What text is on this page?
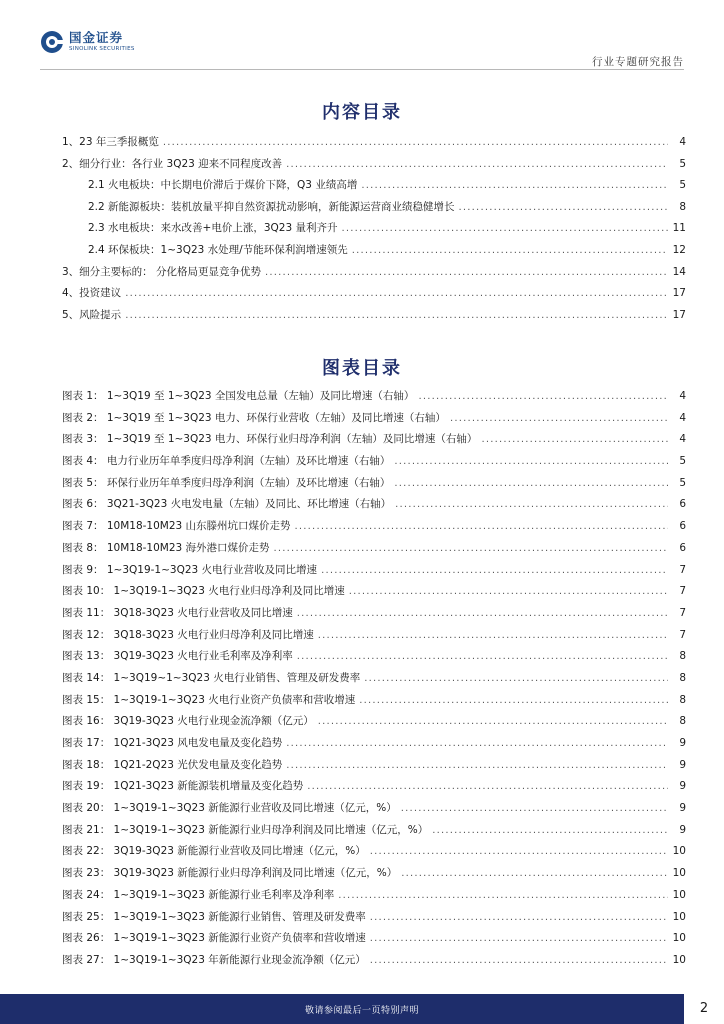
国金证券
SINOLINK SECURITIES
行业专题研究报告
内容目录
1、23 年三季报概览 .....	4
2、细分行业：各行业 3Q23 迎来不同程度改善 .....	5
2.1 火电板块：中长期电价滞后于煤价下降，Q3 业绩高增 .....	5
2.2 新能源板块：装机放量平抑自然资源扰动影响，新能源运营商业绩稳健增长 .....	8
2.3 水电板块：来水改善+电价上涨，3Q23 量利齐升 .....	11
2.4 环保板块：1~3Q23 水处理/节能环保利润增速领先 .....	12
3、细分主要标的： 分化格局更显竞争优势 .....	14
4、投资建议 .....	17
5、风险提示 .....	17
图表目录
图表 1： 1~3Q19 至 1~3Q23 全国发电总量（左轴）及同比增速（右轴） .....	4
图表 2： 1~3Q19 至 1~3Q23 电力、环保行业营收（左轴）及同比增速（右轴） .....	4
图表 3： 1~3Q19 至 1~3Q23 电力、环保行业归母净利润（左轴）及同比增速（右轴） .....	4
图表 4： 电力行业历年单季度归母净利润（左轴）及环比增速（右轴） .....	5
图表 5： 环保行业历年单季度归母净利润（左轴）及环比增速（右轴） .....	5
图表 6： 3Q21-3Q23 火电发电量（左轴）及同比、环比增速（右轴） .....	6
图表 7： 10M18-10M23 山东滕州坑口煤价走势 .....	6
图表 8： 10M18-10M23 海外港口煤价走势 .....	6
图表 9： 1~3Q19-1~3Q23 火电行业营收及同比增速 .....	7
图表 10： 1~3Q19-1~3Q23 火电行业归母净利及同比增速 .....	7
图表 11： 3Q18-3Q23 火电行业营收及同比增速 .....	7
图表 12： 3Q18-3Q23 火电行业归母净利及同比增速 .....	7
图表 13： 3Q19-3Q23 火电行业毛利率及净利率 .....	8
图表 14： 1~3Q19~1~3Q23 火电行业销售、管理及研发费率 .....	8
图表 15： 1~3Q19-1~3Q23 火电行业资产负债率和营收增速 .....	8
图表 16： 3Q19-3Q23 火电行业现金流净额（亿元） .....	8
图表 17： 1Q21-3Q23 风电发电量及变化趋势 .....	9
图表 18： 1Q21-2Q23 光伏发电量及变化趋势 .....	9
图表 19： 1Q21-3Q23 新能源装机增量及变化趋势 .....	9
图表 20： 1~3Q19-1~3Q23 新能源行业营收及同比增速（亿元，%） .....	9
图表 21： 1~3Q19-1~3Q23 新能源行业归母净利润及同比增速（亿元，%） .....	9
图表 22： 3Q19-3Q23 新能源行业营收及同比增速（亿元，%） .....	10
图表 23： 3Q19-3Q23 新能源行业归母净利润及同比增速（亿元，%） .....	10
图表 24： 1~3Q19-1~3Q23 新能源行业毛利率及净利率 .....	10
图表 25： 1~3Q19-1~3Q23 新能源行业销售、管理及研发费率 .....	10
图表 26： 1~3Q19-1~3Q23 新能源行业资产负债率和营收增速 .....	10
图表 27： 1~3Q19-1~3Q23 年新能源行业现金流净额（亿元） .....	10
敬请参阅最后一页特别声明	2
